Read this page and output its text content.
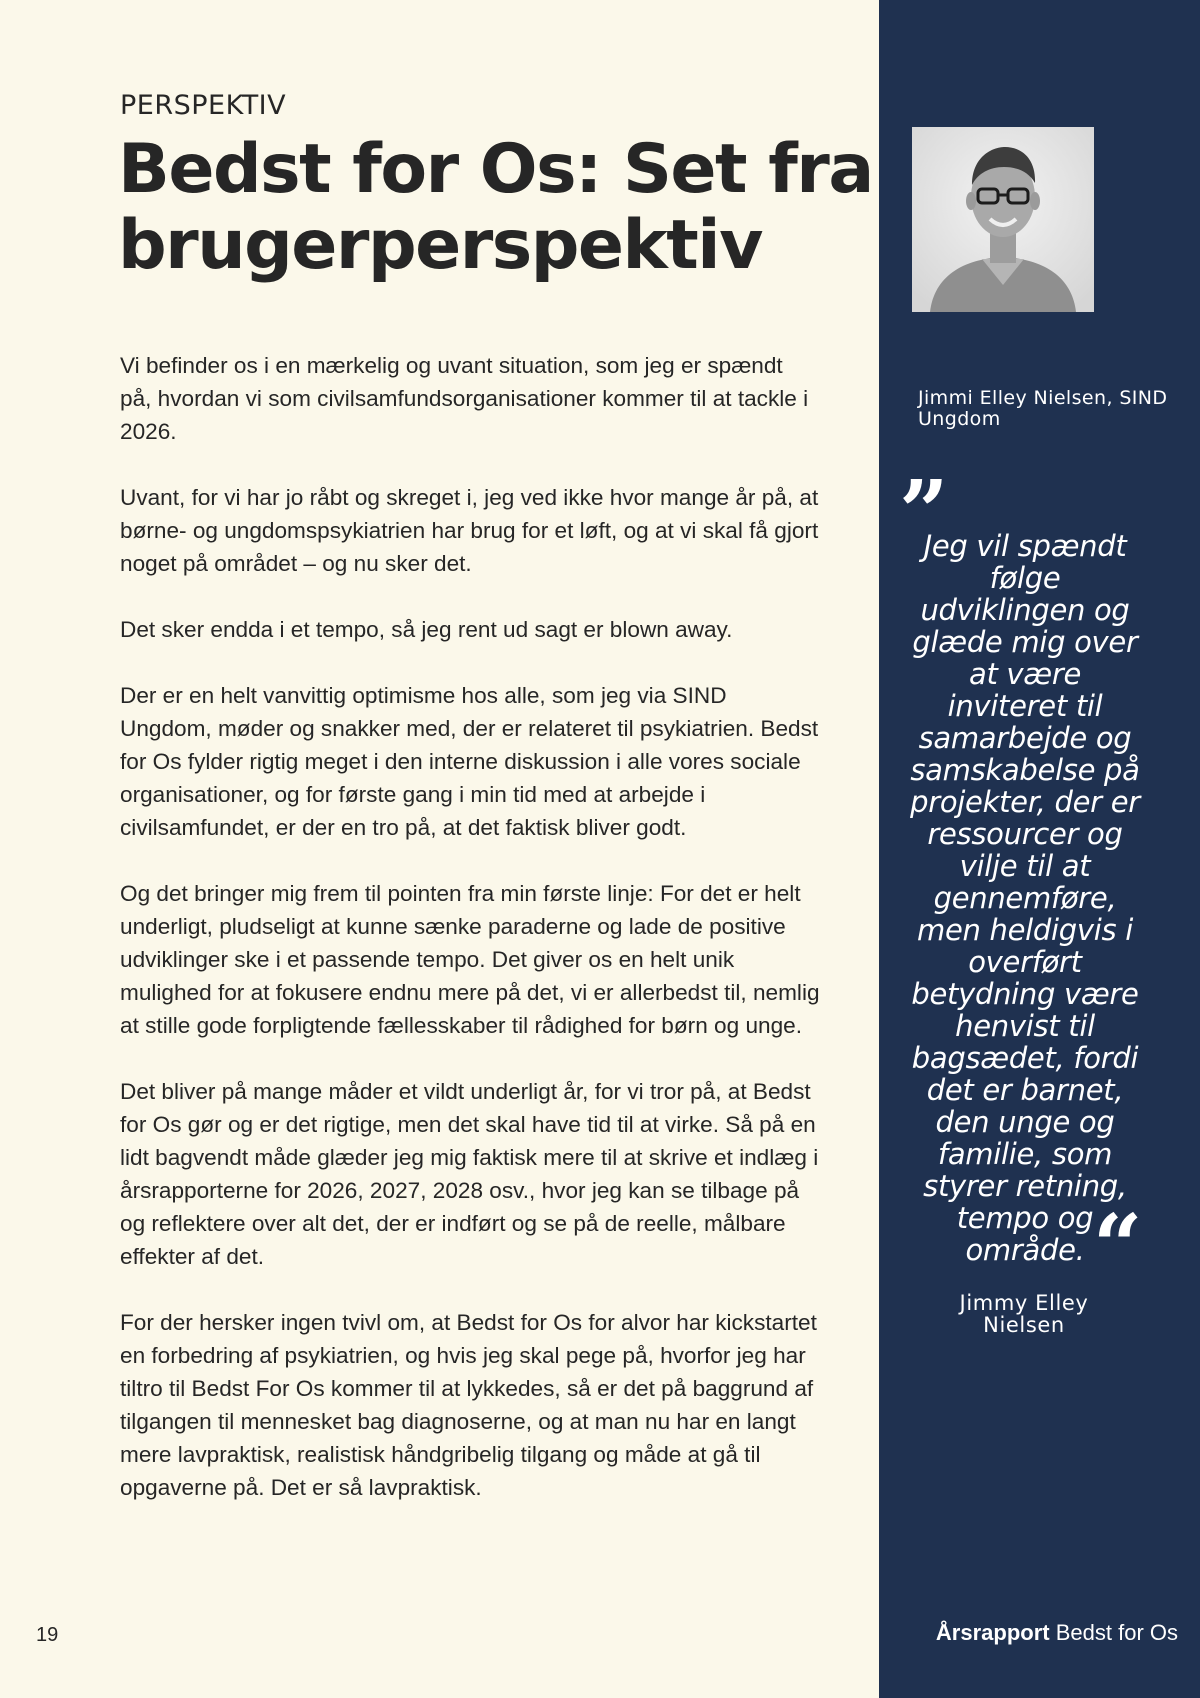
PERSPEKTIV
Bedst for Os: Set fra brugerperspektiv

Vi befinder os i en mærkelig og uvant situation, som jeg er spændt på, hvordan vi som civilsamfundsorganisationer kommer til at tackle i 2026.

Uvant, for vi har jo råbt og skreget i, jeg ved ikke hvor mange år på, at børne- og ungdomspsykiatrien har brug for et løft, og at vi skal få gjort noget på området – og nu sker det.

Det sker endda i et tempo, så jeg rent ud sagt er blown away.

Der er en helt vanvittig optimisme hos alle, som jeg via SIND Ungdom, møder og snakker med, der er relateret til psykiatrien. Bedst for Os fylder rigtig meget i den interne diskussion i alle vores sociale organisationer, og for første gang i min tid med at arbejde i civilsamfundet, er der en tro på, at det faktisk bliver godt.

Og det bringer mig frem til pointen fra min første linje: For det er helt underligt, pludseligt at kunne sænke paraderne og lade de positive udviklinger ske i et passende tempo. Det giver os en helt unik mulighed for at fokusere endnu mere på det, vi er allerbedst til, nemlig at stille gode forpligtende fællesskaber til rådighed for børn og unge.

Det bliver på mange måder et vildt underligt år, for vi tror på, at Bedst for Os gør og er det rigtige, men det skal have tid til at virke. Så på en lidt bagvendt måde glæder jeg mig faktisk mere til at skrive et indlæg i årsrapporterne for 2026, 2027, 2028 osv., hvor jeg kan se tilbage på og reflektere over alt det, der er indført og se på de reelle, målbare effekter af det.

For der hersker ingen tvivl om, at Bedst for Os for alvor har kickstartet en forbedring af psykiatrien, og hvis jeg skal pege på, hvorfor jeg har tiltro til Bedst For Os kommer til at lykkedes, så er det på baggrund af tilgangen til mennesket bag diagnoserne, og at man nu har en langt mere lavpraktisk, realistisk håndgribelig tilgang og måde at gå til opgaverne på. Det er så lavpraktisk.

19
Jimmi Elley Nielsen, SIND Ungdom
”
Jeg vil spændt følge udviklingen og glæde mig over at være inviteret til samarbejde og samskabelse på projekter, der er ressourcer og vilje til at gennemføre, men heldigvis i overført betydning være henvist til bagsædet, fordi det er barnet, den unge og familie, som styrer retning, tempo og område. “
Jimmy Elley Nielsen
Årsrapport Bedst for Os
